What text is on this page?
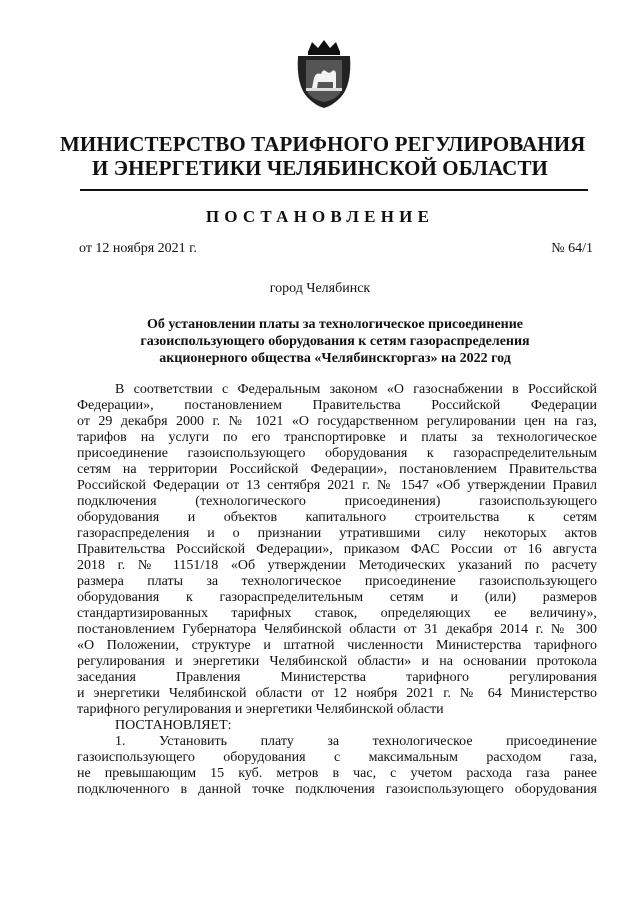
МИНИСТЕРСТВО ТАРИФНОГО РЕГУЛИРОВАНИЯ
И ЭНЕРГЕТИКИ ЧЕЛЯБИНСКОЙ ОБЛАСТИ
ПОСТАНОВЛЕНИЕ
от 12 ноября 2021 г.	№ 64/1
город Челябинск
Об установлении платы за технологическое присоединение
газоиспользующего оборудования к сетям газораспределения
акционерного общества «Челябинскгоргаз» на 2022 год
В соответствии с Федеральным законом «О газоснабжении в Российской
Федерации», постановлением Правительства Российской Федерации
от 29 декабря 2000 г. № 1021 «О государственном регулировании цен на газ,
тарифов на услуги по его транспортировке и платы за технологическое
присоединение газоиспользующего оборудования к газораспределительным
сетям на территории Российской Федерации», постановлением Правительства
Российской Федерации от 13 сентября 2021 г. № 1547 «Об утверждении Правил
подключения (технологического присоединения) газоиспользующего
оборудования и объектов капитального строительства к сетям
газораспределения и о признании утратившими силу некоторых актов
Правительства Российской Федерации», приказом ФАС России от 16 августа
2018 г. № 1151/18 «Об утверждении Методических указаний по расчету
размера платы за технологическое присоединение газоиспользующего
оборудования к газораспределительным сетям и (или) размеров
стандартизированных тарифных ставок, определяющих ее величину»,
постановлением Губернатора Челябинской области от 31 декабря 2014 г. № 300
«О Положении, структуре и штатной численности Министерства тарифного
регулирования и энергетики Челябинской области» и на основании протокола
заседания Правления Министерства тарифного регулирования
и энергетики Челябинской области от 12 ноября 2021 г. № 64 Министерство
тарифного регулирования и энергетики Челябинской области
ПОСТАНОВЛЯЕТ:
1. Установить плату за технологическое присоединение
газоиспользующего оборудования с максимальным расходом газа,
не превышающим 15 куб. метров в час, с учетом расхода газа ранее
подключенного в данной точке подключения газоиспользующего оборудования
